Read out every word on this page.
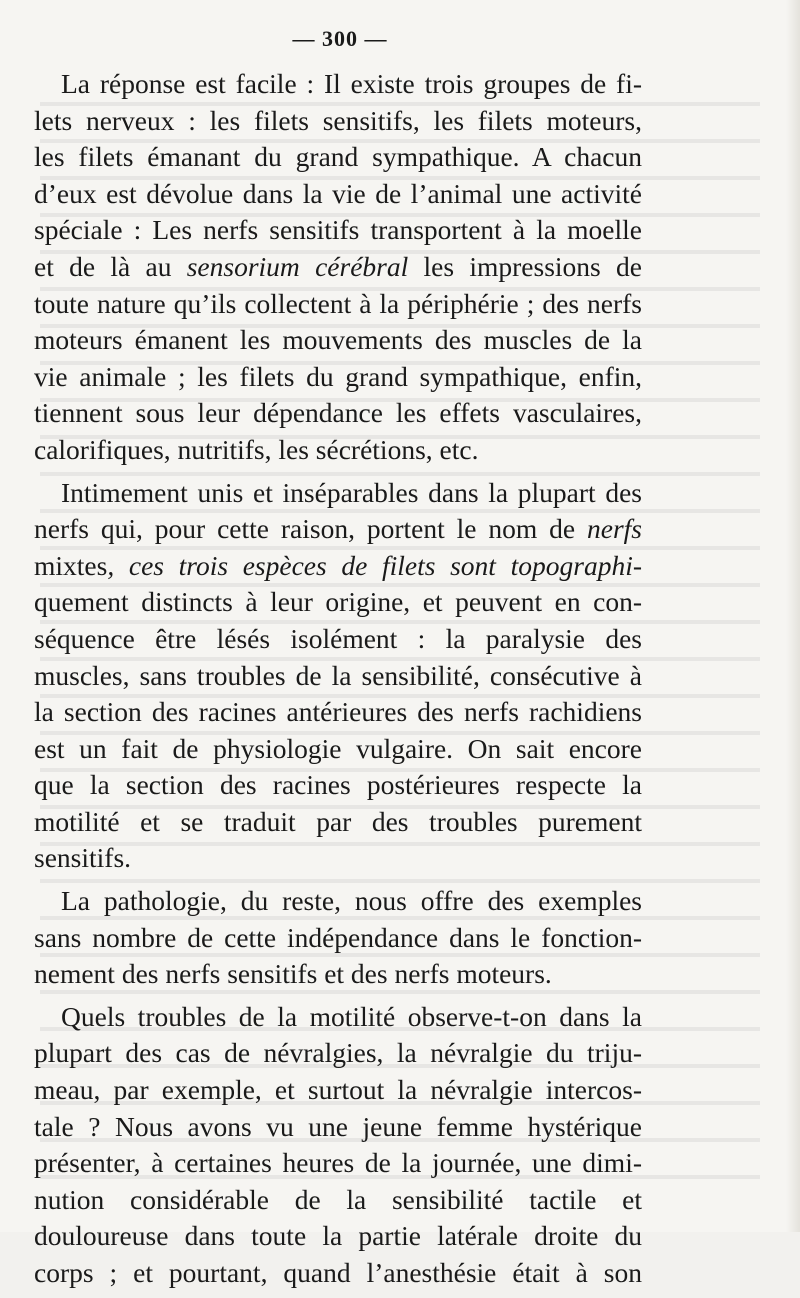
— 300 —
La réponse est facile : Il existe trois groupes de fi-
lets nerveux : les filets sensitifs, les filets moteurs,
les filets émanant du grand sympathique. A chacun
d’eux est dévolue dans la vie de l’animal une activité
spéciale : Les nerfs sensitifs transportent à la moelle
et de là au sensorium cérébral les impressions de
toute nature qu’ils collectent à la périphérie ; des nerfs
moteurs émanent les mouvements des muscles de la
vie animale ; les filets du grand sympathique, enfin,
tiennent sous leur dépendance les effets vasculaires,
calorifiques, nutritifs, les sécrétions, etc.
Intimement unis et inséparables dans la plupart des
nerfs qui, pour cette raison, portent le nom de nerfs
mixtes, ces trois espèces de filets sont topographi-
quement distincts à leur origine, et peuvent en con-
séquence être lésés isolément : la paralysie des
muscles, sans troubles de la sensibilité, consécutive à
la section des racines antérieures des nerfs rachidiens
est un fait de physiologie vulgaire. On sait encore
que la section des racines postérieures respecte la
motilité et se traduit par des troubles purement
sensitifs.
La pathologie, du reste, nous offre des exemples
sans nombre de cette indépendance dans le fonction-
nement des nerfs sensitifs et des nerfs moteurs.
Quels troubles de la motilité observe-t-on dans la
plupart des cas de névralgies, la névralgie du triju-
meau, par exemple, et surtout la névralgie intercos-
tale ? Nous avons vu une jeune femme hystérique
présenter, à certaines heures de la journée, une dimi-
nution considérable de la sensibilité tactile et
douloureuse dans toute la partie latérale droite du
corps ; et pourtant, quand l’anesthésie était à son
